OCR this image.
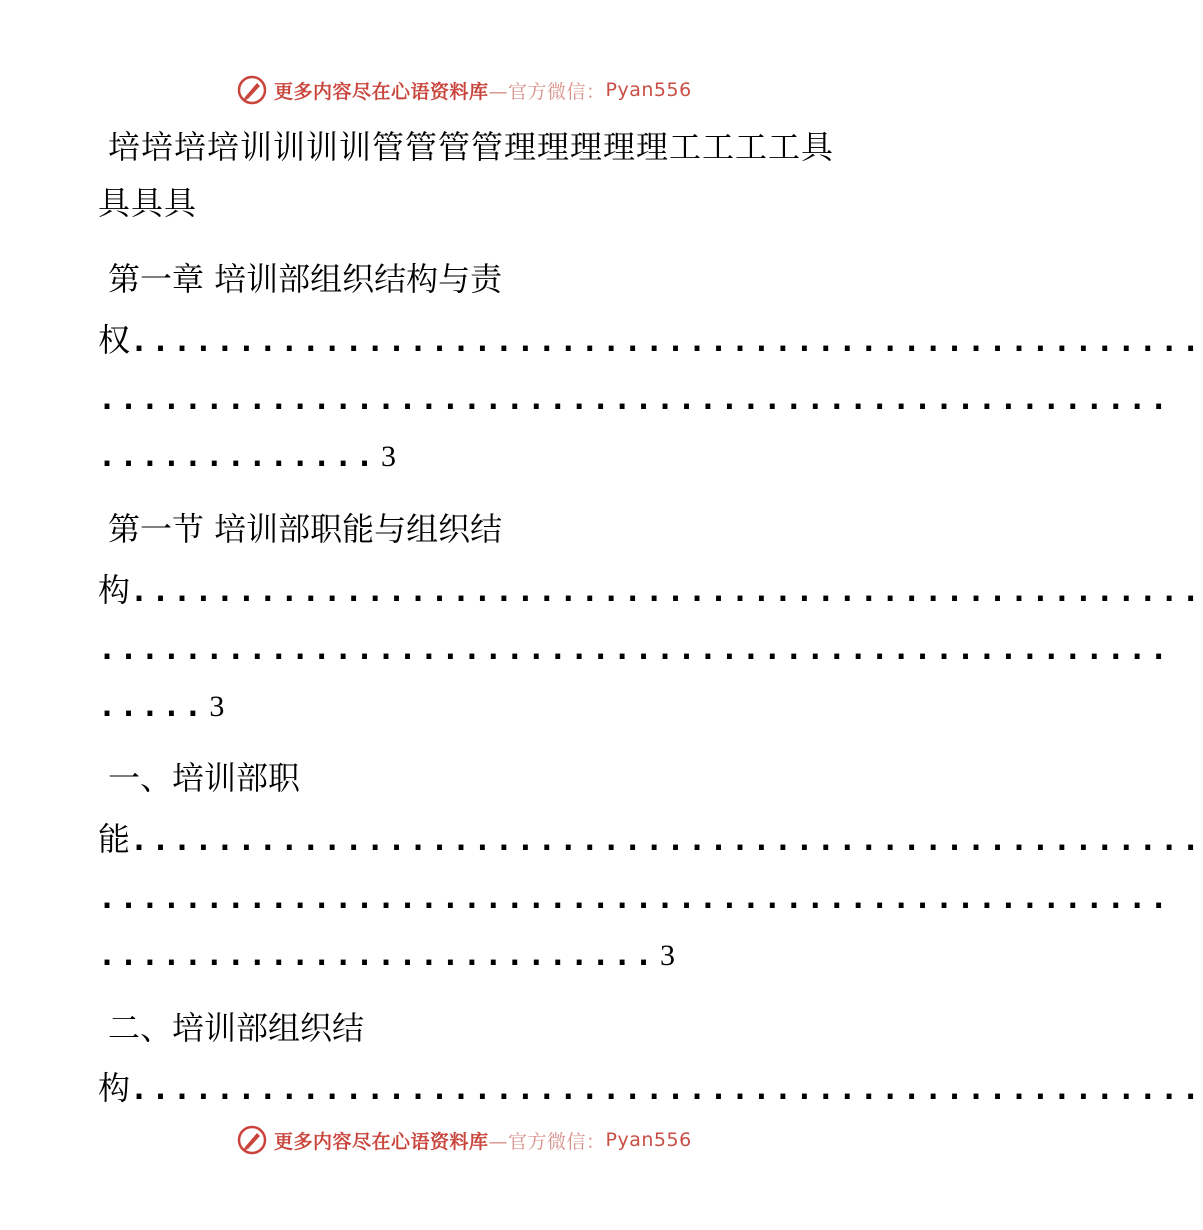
更多内容尽在心语资料库 —官方微信： Pyan556
培培培培训训训训管管管管理理理理理工工工工具
具具具
第一章 培训部组织结构与责
权..................................................
..................................................
............. 3
第一节 培训部职能与组织结
构..................................................
..................................................
..... 3
一、培训部职
能..................................................
..................................................
.......................... 3
二、培训部组织结
构..................................................
更多内容尽在心语资料库 —官方微信： Pyan556
